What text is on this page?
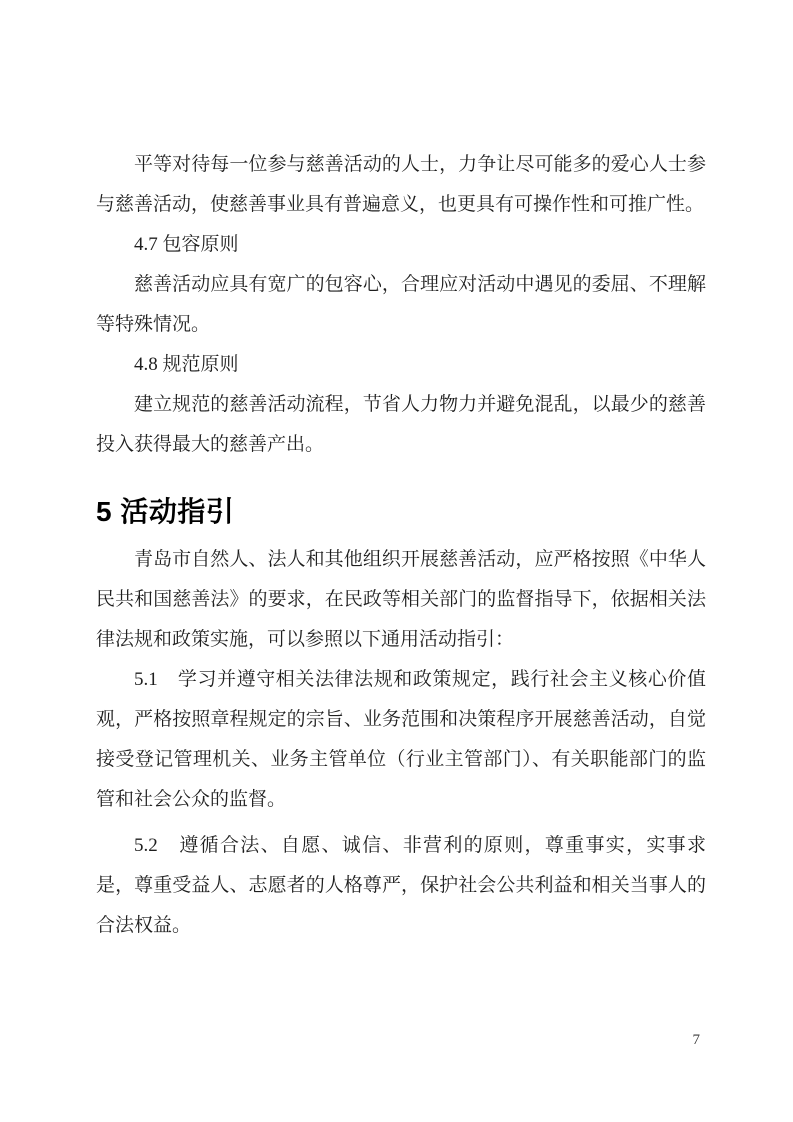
平等对待每一位参与慈善活动的人士，力争让尽可能多的爱心人士参与慈善活动，使慈善事业具有普遍意义，也更具有可操作性和可推广性。

4.7 包容原则

慈善活动应具有宽广的包容心，合理应对活动中遇见的委屈、不理解等特殊情况。

4.8 规范原则

建立规范的慈善活动流程，节省人力物力并避免混乱，以最少的慈善投入获得最大的慈善产出。

5 活动指引

青岛市自然人、法人和其他组织开展慈善活动，应严格按照《中华人民共和国慈善法》的要求，在民政等相关部门的监督指导下，依据相关法律法规和政策实施，可以参照以下通用活动指引：

5.1　学习并遵守相关法律法规和政策规定，践行社会主义核心价值观，严格按照章程规定的宗旨、业务范围和决策程序开展慈善活动，自觉接受登记管理机关、业务主管单位（行业主管部门）、有关职能部门的监管和社会公众的监督。

5.2　遵循合法、自愿、诚信、非营利的原则，尊重事实，实事求是，尊重受益人、志愿者的人格尊严，保护社会公共利益和相关当事人的合法权益。

7
